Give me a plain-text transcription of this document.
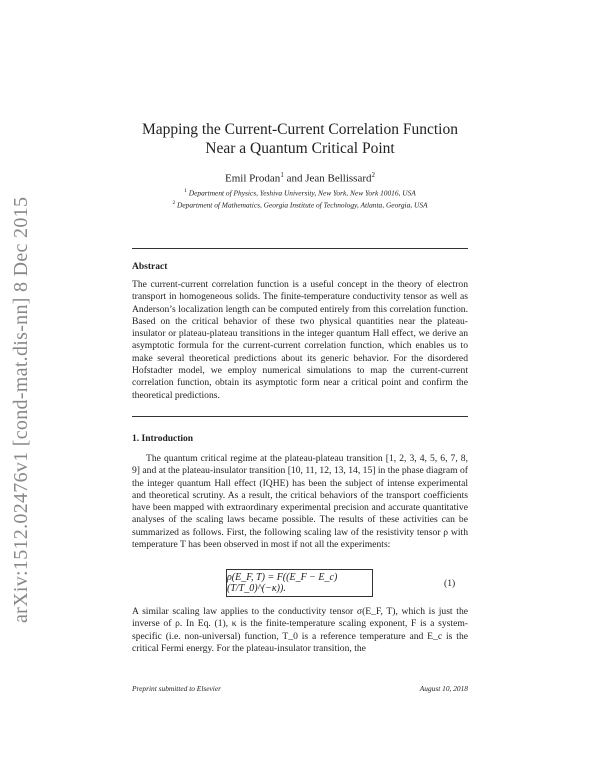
arXiv:1512.02476v1 [cond-mat.dis-nn] 8 Dec 2015
Mapping the Current-Current Correlation Function
Near a Quantum Critical Point
Emil Prodan$^1$ and Jean Bellissard$^2$
$^1$ Department of Physics, Yeshiva University, New York, New York 10016, USA
$^2$ Department of Mathematics, Georgia Institute of Technology, Atlanta, Georgia, USA
Abstract
The current-current correlation function is a useful concept in the theory of electron transport in homogeneous solids. The finite-temperature conductivity tensor as well as Anderson’s localization length can be computed entirely from this correlation function. Based on the critical behavior of these two physical quantities near the plateau-insulator or plateau-plateau transitions in the integer quantum Hall effect, we derive an asymptotic formula for the current-current correlation function, which enables us to make several theoretical predictions about its generic behavior. For the disordered Hofstadter model, we employ numerical simulations to map the current-current correlation function, obtain its asymptotic form near a critical point and confirm the theoretical predictions.
1. Introduction
The quantum critical regime at the plateau-plateau transition [1, 2, 3, 4, 5, 6, 7, 8, 9] and at the plateau-insulator transition [10, 11, 12, 13, 14, 15] in the phase diagram of the integer quantum Hall effect (IQHE) has been the subject of intense experimental and theoretical scrutiny. As a result, the critical behaviors of the transport coefficients have been mapped with extraordinary experimental precision and accurate quantitative analyses of the scaling laws became possible. The results of these activities can be summarized as follows. First, the following scaling law of the resistivity tensor ρ with temperature T has been observed in most if not all the experiments:
ρ(E_F, T) = F((E_F − E_c)(T/T_0)^(−κ)).	(1)
A similar scaling law applies to the conductivity tensor σ(E_F, T), which is just the inverse of ρ. In Eq. (1), κ is the finite-temperature scaling exponent, F is a system-specific (i.e. non-universal) function, T_0 is a reference temperature and E_c is the critical Fermi energy. For the plateau-insulator transition, the
Preprint submitted to Elsevier	August 10, 2018
